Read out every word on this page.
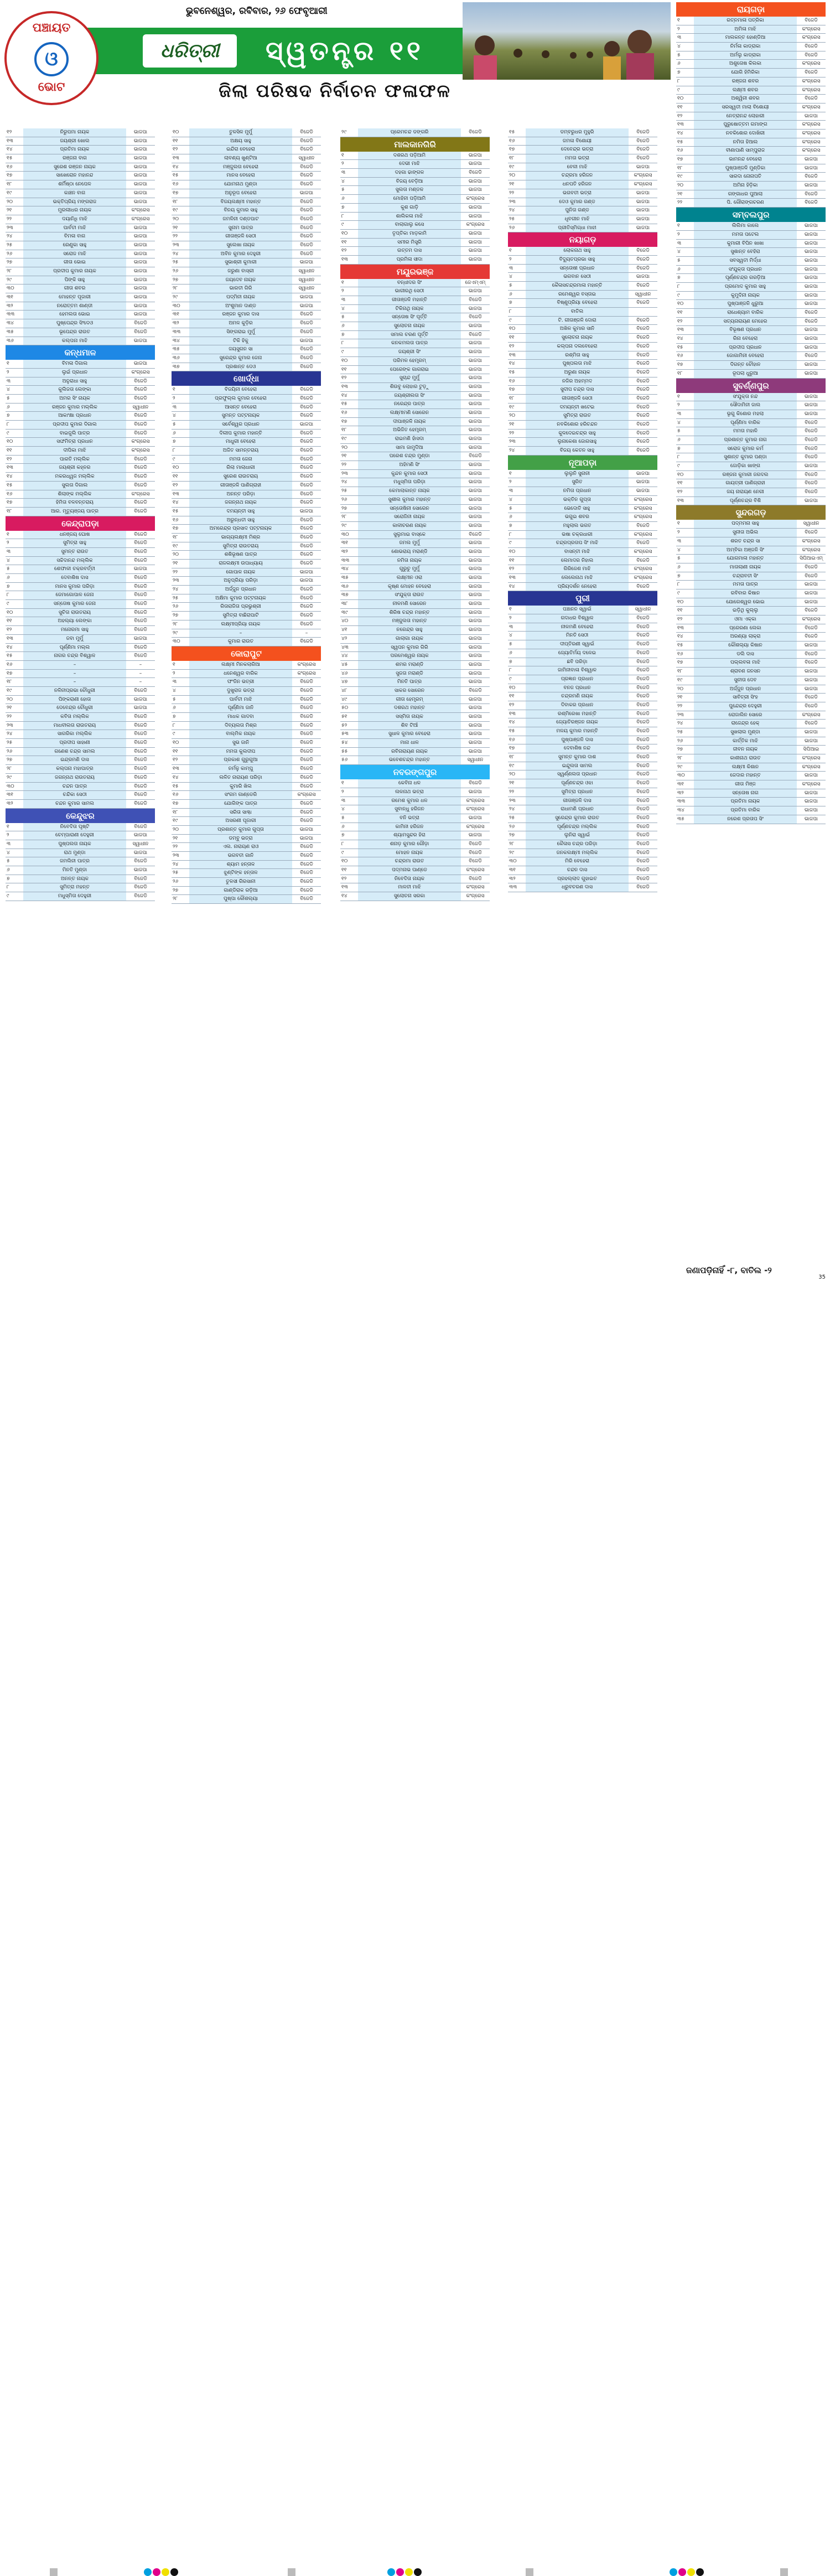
ପଞ୍ଚାୟତ
ଓ
ଭୋଟ
ଭୁବନେଶ୍ୱର, ରବିବାର, ୨୬ ଫେବୃଆରୀ
ଧରିତ୍ରୀ	ସ୍ୱତନ୍ତ୍ର ୧୧
ଜିଲା ପରିଷଦ ନିର୍ବାଚନ ଫଳାଫଳ
୧୨	ନିରୁପମା ନାୟକ	ଭାଜପା
୧୩	ଜୟଶ୍ରୀ ଖୋଲ	ଭାଜପା
୧୪	ପ୍ରତିମା ନାୟକ	ଭାଜପା
୧୫	ରଞ୍ଜନା ବାଗ	ଭାଜପା
୧୬	ସୁରେଶ ରଞ୍ଜନ ନାୟକ	ଭାଜପା
୧୭	ସାଖେରୋନ ମହାନନ୍ଦ	ଭାଜପା
୧୮	ଶର୍ମିଷ୍ଠା ନେପେଳ	ଭାଜପା
୧୯	କାଞ୍ଚନ ବାଗ	ଭାଜପା
୨୦	ଭକ୍ତିପ୍ରିୟ ମଙ୍ଗରାଜ	ଭାଜପା
୨୧	ମୁରଲୀଧର ନାୟକ	କଂଗ୍ରେସ
୨୨	ଦୟାନିଧି ମାଝି	କଂଗ୍ରେସ
୨୩	ପାର୍ବତୀ ମାଝି	ଭାଜପା
୨୪	ବିମଳା ବାଗ	ଭାଜପା
୨୫	ରେଣୁକା ସାହୁ	ଭାଜପା
୨୬	ସରୋଜ ମାଝି	ଭାଜପା
୨୭	ଗୀତା ଭୋଇ	ଭାଜପା
୨୮	ପ୍ରଦୀପ କୁମାର ନାୟକ	ଭାଜପା
୨୯	ପିଙ୍କି ସାହୁ	ଭାଜପା
୩୦	ଗୀତା ଶବର	ଭାଜପା
୩୧	ମୋହନ୍ତ ପୂଜାରୀ	ଭାଜପା
୩୨	ନରୋତ୍ତମ ଶାଣ୍ଡୀ	ଭାଜପା
୩୩	ହେମଲତା ଭୋଇ	ଭାଜପା
୩୪	ପୁଷ୍ପେନ୍ଦ୍ର ସିଂଦେଓ	ବିଜେଡି
୩୫	ଭୂପେନ୍ଦ୍ର ରାଉତ	ବିଜେଡି
୩୬	କଲ୍ପନା ମାଝି	ଭାଜପା
କନ୍ଧମାଳ
୧	ବିମଳା ଦିଗାଲ	ଭାଜପା
୨	ଲୁଇଁ ପ୍ରଧାନ	କଂଗ୍ରେସ
୩	ଅନୁରାଧା ସାହୁ	ବିଜେଡି
୪	କୁଲିଜତା ଲେଙ୍କା	ବିଜେଡି
୫	ଅମର ସିଂ ନାୟକ	ବିଜେଡି
୬	ରଞ୍ଜନ କୁମାର ମଲ୍ଲିକ	ସ୍ୱାଧୀନ
୭	ଆକାଂକ୍ଷା ପ୍ରଧାନ	ବିଜେଡି
୮	ପ୍ରଦୀପ କୁମାର ଦିଗାଲ	ବିଜେଡି
୯	ବାଇଜୁଲି ପାତ୍ର	ବିଜେଡି
୧୦	ସଙ୍ଘମିତ୍ରା ପ୍ରଧାନ	କଂଗ୍ରେସ
୧୧	ଦୀପିକା ମାଝି	କଂଗ୍ରେସ
୧୨	ପାରତି ମଲ୍ଲିକ	ବିଜେଡି
୧୩	ଜୟଶ୍ରୀ କହ୍ନର	ବିଜେଡି
୧୪	ମକରଧ୍ୱଜ ମଲ୍ଲିକ	ବିଜେଡି
୧୫	ସୁଲତା ଦିଗାଲ	ବିଜେଡି
୧୬	ଶିଲାଙ୍କ ମଲ୍ଲିକ	କଂଗ୍ରେସ
୧୭	ହିମିତା ବଳବନ୍ତରାୟ	ବିଜେଡି
୧୮	ଆର. ମୃତ୍ୟୁଞ୍ଜୟ ପାତ୍ର	ବିଜେଡି
କେନ୍ଦ୍ରାପଡ଼ା
୧	ଧନଞ୍ଜୟ ଘୋଷ	ବିଜେଡି
୨	ସୁମିତ୍ରା ସାହୁ	ବିଜେଡି
୩	ସୁମନ୍ତ ରାଉତ	ବିଜେଡି
୪	ସଚ୍ଚିଦାନନ୍ଦ ମଲ୍ଲିକ	ବିଜେଡି
୫	ଶେଫାଳୀ ଚକ୍ରବର୍ତ୍ତୀ	ଭାଜପା
୬	ଦେବାଶିଷ ଦାସ	ବିଜେଡି
୭	ମାନସ କୁମାର ପରିଡ଼ା	ବିଜେଡି
୮	ଜେମାଗୋପାଳ ଜେନା	ବିଜେଡି
୯	ସନ୍ତୋଷ କୁମାର ଜେନା	ବିଜେଡି
୧୦	ସୁଚିତା ରାଉତରାୟ	ବିଜେଡି
୧୧	ଅହଲ୍ୟା ଲେଙ୍କା	ବିଜେଡି
୧୨	ମନୋରମା ସାହୁ	ବିଜେଡି
୧୩	ଜବା ମୁର୍ମୁ	ଭାଜପା
୧୪	ପୂର୍ଣ୍ଣିମା ମଲ୍ଲ	ବିଜେଡି
୧୫	ନାଗର ଚନ୍ଦ୍ର ବିଶ୍ୱାଳ	ବିଜେଡି
୧୬	–	–
୧୭	–	–
୧୮	–	–
୧୯	ନଳିନୀପ୍ରଭା ଚୌଧୁରୀ	ବିଜେଡି
୨୦	ପିଙ୍କରାଣୀ ହୋତା	ଭାଜପା
୨୧	ଦେବେନ୍ଦ୍ର ଚୌଧୁରୀ	ଭାଜପା
୨୨	କବିତା ମଲ୍ଲିକ	ବିଜେଡି
୨୩	ମାଧବୀଲତା ରାଉତରାୟ	ବିଜେଡି
୨୪	ସାଗରିକା ମଲ୍ଲିକ	ବିଜେଡି
୨୫	ପ୍ରଦୀପ ସାହାଣୀ	ବିଜେଡି
୨୬	ଗଣେଶ ଚନ୍ଦ୍ର ସାମଲ	ବିଜେଡି
୨୭	ଇନ୍ଦ୍ରମଣି ଦାସ	ବିଜେଡି
୨୮	କଲ୍ପନା ମହାପାତ୍ର	ବିଜେଡି
୨୯	ଜଗନ୍ନାଥ ରାଉତରାୟ	ବିଜେଡି
୩୦	ଚନ୍ଦନ ପାତ୍ର	ବିଜେଡି
୩୧	ଚନ୍ଦିକା ସେଠୀ	ବିଜେଡି
୩୨	ଚନ୍ଦନ କୁମାର ସାମଲ	ବିଜେଡି
କେନ୍ଦୁଝର
୧	ନିବେଦିତା ପୃଷ୍ଟି	ବିଜେଡି
୨	ଚେମ୍ପାରାଣୀ ଦେହୁରୀ	ଭାଜପା
୩	ପୁଷ୍ପଲତା ନାୟକ	ସ୍ୱାଧୀନ
୪	ରାଥ ମୁଣ୍ଡା	ଭାଜପା
୫	ଜମଲିନୀ ପାତ୍ର	ବିଜେଡି
୬	ମିନତି ମୁଣ୍ଡା	ଭାଜପା
୭	ଅନନ୍ତ ନାୟକ	ବିଜେଡି
୮	ସୁମିତ୍ରା ମହନ୍ତ	ବିଜେଡି
୯	ମଧୁସ୍ମିତା ଦେହୁରୀ	ବିଜେଡି
୧୦	ତୁଳସିଳ ମୁର୍ମୁ	ବିଜେଡି
୧୧	ଅକ୍ଷୟ ସାହୁ	ବିଜେଡି
୧୨	ଇନ୍ଦିରା ବେହେରା	ବିଜେଡି
୧୩	ଲାବଣ୍ୟ ଖୁଣ୍ଟିଆ	ସ୍ୱାଧୀନ
୧୪	ମଞ୍ଜୁଲତା ବେହେରା	ବିଜେଡି
୧୫	ମାନସ ବେହେରା	ବିଜେଡି
୧୬	ଯୋମନାଥ ମୁଣ୍ଡା	ବିଜେଡି
୧୭	ଅନୁରୂପ ବେହେରା	ଭାଜପା
୧୮	ବିଜୟଲକ୍ଷ୍ମୀ ମହାନ୍ତ	ବିଜେଡି
୧୯	ବିନୟ କୁମାର ସାହୁ	ବିଜେଡି
୨୦	ଜମଳିନୀ ଦଣ୍ଡପାଟ	ବିଜେଡି
୨୧	ସୁନାମ ପାତ୍ର	ବିଜେଡି
୨୨	ଗୀତାଞ୍ଜଳି ସେଠୀ	ବିଜେଡି
୨୩	ସୁଲେଖା ନାୟକ	ବିଜେଡି
୨୪	ଅବିନ କୁମାର ଦେହୁରୀ	ବିଜେଡି
୨୫	ସୁଭାଶ୍ରୀ କୁମାରୀ	ଭାଜପା
୨୬	ଜରୁଣା ବାସ୍କୀ	ସ୍ୱାଧୀନ
୨୭	ଜୟଦେବ ନାୟକ	ସ୍ୱାଧୀନ
୨୮	ଭାରତୀ ଗିରି	ସ୍ୱାଧୀନ
୨୯	ପଦ୍ମିନୀ ନାୟକ	ଭାଜପା
୩୦	ଅଂଶୁମାନ ଦାଣ୍ଡ	ଭାଜପା
୩୧	ରଞ୍ଜନ କୁମାର ଦାସ	ବିଜେଡି
୩୨	ଅମଳ କୁଡ଼ିର	ବିଜେଡି
୩୩	ସିଙ୍ଗରାଇ ମୁର୍ମୁ	ବିଜେଡି
୩୪	ଟିକି ହିକୁ	ଭାଜପା
୩୫	ଜୟସୁଗନ ସା	ବିଜେଡି
୩୬	ସୁରେନ୍ଦ୍ର କୁମାର ଜେନା	ବିଜେଡି
୩୭	ପ୍ରଶାନ୍ତ ଦେଓ	ବିଜେଡି
ଖୋର୍ଦ୍ଧା
୧	ବିଜୟିନୀ ବେହେରା	ବିଜେଡି
୨	ପ୍ରଫୁଲ୍ଲ କୁମାର ବେହେରା	ବିଜେଡି
୩	ଆସନ୍ତ ବେହେରା	ବିଜେଡି
୪	ସୁମନ୍ତ ପଟ୍ଟନାୟକ	ବିଜେଡି
୫	ସର୍ବେଶ୍ୱର ପ୍ରଧାନ	ଭାଜପା
୬	ଦିଲୀପ କୁମାର ମହାନ୍ତି	ବିଜେଡି
୭	ମାଧୁରୀ ବେହେରା	ବିଜେଡି
୮	ଅଜିତ ସାମନ୍ତରାୟ	ବିଜେଡି
୯	ମମତା ଜେନା	ବିଜେଡି
୧୦	ରିଲା ମାଲାଧାରୀ	ବିଜେଡି
୧୧	ସୁରେଶ ରାଉତରାୟ	ବିଜେଡି
୧୨	ଗୀତାଞ୍ଜଳି ପାଣିଗ୍ରାହୀ	ବିଜେଡି
୧୩	ଅନନ୍ତ ପରିଡ଼ା	ବିଜେଡି
୧୪	ଜଗନ୍ନାଥ ନାୟକ	ବିଜେଡି
୧୫	ଦମୟନ୍ତୀ ସାହୁ	ଭାଜପା
୧୬	ଅରୁନ୍ଧତୀ ସାହୁ	ବିଜେଡି
୧୭	ଅମରେନ୍ଦ୍ର ପ୍ରସାଦ ପଟ୍ଟନାୟକ	ବିଜେଡି
୧୮	ଭାଗ୍ୟଲକ୍ଷ୍ମୀ ମିଶ୍ର	ବିଜେଡି
୧୯	ସୁମିତ୍ରା ରାଉତରାୟ	ବିଜେଡି
୨୦	ଶଶିଭୂଷଣ ପାତ୍ର	ବିଜେଡି
୨୧	ରାଜଲକ୍ଷ୍ମୀ ଉପାଧ୍ୟାୟ	ବିଜେଡି
୨୨	ଗୋପାଳ ନାୟକ	ଭାଜପା
୨୩	ଅନୁପ୍ରିୟା ପରିଡ଼ା	ଭାଜପା
୨୪	ଅର୍ଜ୍ଜୁନ ପ୍ରଧାନ	ବିଜେଡି
୨୫	ଅକ୍ଷିମା କୁମାର ପଟ୍ଟନାୟକ	ବିଜେଡି
୨୬	ରିତାରାଜିତା ପ୍ରଭୁଶ୍ରୀ	ବିଜେଡି
୨୭	ସୁମିତ୍ରା ବାଛିରାପାଟି	ବିଜେଡି
୨୮	ଲକ୍ଷ୍ମୀପ୍ରିୟା ନାୟକ	ବିଜେଡି
୨୯	–	–
୩୦	କୁମାର ରାଉତ	ବିଜେଡି
କୋରାପୁଟ
୧	ଲକ୍ଷ୍ମୀ ମିନକଲାରିଆ	କଂଗ୍ରେସ
୨	ଧନେଶ୍ୱର ବାରିକ	କଂଗ୍ରେସ
୩	ଫଂଜିନ ଭତ୍ରୀ	ବିଜେଡି
୪	ଦୁଖୁରାଜ ଭତ୍ରା	ବିଜେଡି
୫	ପାର୍ବତୀ ମାଝି	ବିଜେଡି
୬	ପୂର୍ଣ୍ଣିମା ଜାନି	ବିଜେଡି
୭	ମାଧକ ଗାଦବା	ବିଜେଡି
୮	ଦିବ୍ୟଲତା ମିଶ୍ର	ବିଜେଡି
୯	ବାଲ୍ମିକ ନାୟକ	ବିଜେଡି
୧୦	ସୁଭ ଜାନି	ବିଜେଡି
୧୧	ମମତା କୁଲଦୀପ	ବିଜେଡି
୧୨	ପ୍ରକାଶ ଗୁରୁଗୁଆ	ବିଜେଡି
୧୩	ନର୍ମଳୁ କାମ୍ପୁ	ବିଜେଡି
୧୪	ଲଳିତ ନାରାୟଣ ପରିଡ଼ା	ବିଜେଡି
୧୫	କୁମାରି ଖିଲ	ବିଜେଡି
୧୬	ସଂଗମ ଗାଣ୍ଡେରି	କଂଗ୍ରେସ
୧୭	ଯୋଗିଙ୍କ ପାତ୍ର	ବିଜେଡି
୧୮	ସରିତା ସାଗ୍ଦା	ବିଜେଡି
୧୯	ଅସରଣୀ ପୂଜାରୀ	ବିଜେଡି
୨୦	ପ୍ରଶାନ୍ତ କୁମାର ଗୁପ୍ତା	ଭାଜପା
୨୧	ଡମ୍ବୁ ଭତ୍ରା	ଭାଜପା
୨୨	ଏଲ. ନାରାୟଣ ରାଓ	ବିଜେଡି
୨୩	ଭଗବତୀ ଗାନି	ବିଜେଡି
୨୪	ଶ୍ୟାମ ହନ୍ତାଳ	ବିଜେଡି
୨୫	ଝୁଣ୍ଟିଙ୍କ ହନ୍ତାଳ	ବିଜେଡି
୨୬	ତୁଳସୀ ଗିରସାନୀ	ବିଜେଡି
୨୭	ଗାଣ୍ଡିରାକ ରଡ଼ିଆ	ବିଜେଡି
୨୮	ପୁଷ୍ପା କୌଶଲ୍ୟା	ବିଜେଡି
୨୯	ପ୍ରେମଚନ୍ଦ ଡଙ୍ଗରି	ବିଜେଡି
ମାଲକାନଗିରି
୧	ଦଶରଥ ପଡ଼ିଆମି	ଭାଜପା
୨	ଦେଭୀ ମାଝି	ଭାଜପା
୩	ଦହଗା ଢାଙ୍ଗଳ	ବିଜେଡି
୪	ବିଜୟ ବେଡ଼ିଆ	ଭାଜପା
୫	ସୁଲତା ମଣ୍ଡଳ	ଭାଜପା
୬	ମୋହିନୀ ପଡ଼ିଆମି	କଂଗ୍ରେସ
୭	କୁଶ ଗାଡ଼ି	ଭାଜପା
୮	ଶାଲିକଳା ମାଝି	ଭାଜପା
୯	ବାଲାଗାଲୁ କସେ	କଂଗ୍ରେସ
୧୦	ତୃପ୍ତିକା ମାଡ଼କାମି	ଭାଜପା
୧୧	ସମୀର ମିସ୍ତ୍ରି	ଭାଜପା
୧୨	ଉତ୍ତମ ଦାସ	ଭାଜପା
୧୩	ପ୍ରମିଳା ସୀଦା	ଭାଜପା
ମୟୂରଭଞ୍ଜ
୧	ବନ୍ଧୀଦର ସିଂ	ଜେଏମ୍‌ଏମ୍‌
୨	ଭାଗୀରଥି ସେଠୀ	ଭାଜପା
୩	ଗୀତାଞ୍ଜଳି ମହାନ୍ତି	ବିଜେଡି
୪	ଟିକିନାଥି ନାୟକ	ଭାଜପା
୫	ସନ୍ତୋଷ ସିଂ ପୂର୍ତ୍ତି	ବିଜେଡି
୬	ସୁଲୋଚନା ନାୟକ	ଭାଜପା
୭	ସମାଲ ଚରଣ ପୂର୍ତ୍ତି	ବିଜେଡି
୮	କନକମଲତା ପାତ୍ର	ଭାଜପା
୯	ଜୟଶ୍ରୀ ସିଂ	ଭାଜପା
୧୦	ପରିମଳ ହେମ୍ବ୍ରମ୍	ଭାଜପା
୧୧	ପେରେଙ୍କ ଗାଗରାଇ	ଭାଜପା
୧୨	ସୁଚାନ୍ଦ ମୁର୍ମୁ	ଭାଜପା
୧୩	ଶିଉବୁ ଲୋହାର ଟୁଡ଼ୁ	ଭାଜପା
୧୪	ଜୟଶ୍ରୀଲତା ସିଂ	ଭାଜପା
୧୫	ନରେନ୍ଦ୍ର ପାତ୍ର	ଭାଜପା
୧୬	ଲକ୍ଷ୍ମୀମଣି ସୋରେନ	ଭାଜପା
୧୭	ଦୀପାଞ୍ଜଳି ନାୟକ	ଭାଜପା
୧୮	ଅଭିଜିତ ହେମ୍ବ୍ରମ୍	ଭାଜପା
୧୯	ରାଇମଣି ହାଁସଦା	ଭାଜପା
୨୦	ସାମା ଜାମୁଦିଆ	ଭାଜପା
୨୧	ପରେଶ ଚନ୍ଦ୍ର ମୁଣ୍ଡା	ବିଜେଡି
୨୨	ଅହିମଣି ସିଂ	ଭାଜପା
୨୩	କୁନ୍ଦନ କୁମାର ସେଠୀ	ଭାଜପା
୨୪	ମଧୁସ୍ମିତା ପରିଡ଼ା	ଭାଜପା
୨୫	କେମାଲାକାନ୍ତ ନାୟକ	ଭାଜପା
୨୬	ସୁଶୀଲ କୁମାର ମହାନ୍ତ	ଭାଜପା
୨୭	ସନ୍ତୋଷିନୀ ସୋରେନ	ଭାଜପା
୨୮	ସରୋଜିନୀ ନାୟକ	ଭାଜପା
୨୯	କାଳୀଚରଣ ନାୟକ	ଭାଜପା
୩୦	ସୁଲୁମାଇ ବାସ୍କେ	ବିଜେଡି
୩୧	ଜମଲ ମୁର୍ମୁ	ଭାଜପା
୩୨	ଶୋଭରାୟ ମରାଣ୍ଡି	ଭାଜପା
୩୩	ନମିତା ନାୟକ	ଭାଜପା
୩୪	ଗୁରୁଚୁ ମୁର୍ମୁ	ଭାଜପା
୩୫	ଲକ୍ଷ୍ମୀନ ଓରା	ଭାଜପା
୩୬	କୃଷ୍ଣ ମୋହନ ବେହେରା	ଭାଜପା
୩୭	ସଂଯୁକ୍ତା ରାଉତ	ଭାଜପା
୩୮	ନୀଳମଣି ସୋରେନ	ଭାଜପା
୩୯	ଶିରିଷ ଚନ୍ଦ୍ର ମହାନ୍ତ	ଭାଜପା
୪୦	ମଞ୍ଜୁଲତା ମହାନ୍ତ	ଭାଜପା
୪୧	ନରେନ୍ଦ୍ର ସାହୁ	ଭାଜପା
୪୨	ଗାଲାଗା ନାୟକ	ଭାଜପା
୪୩	ସ୍ୱପନ କୁମାର ଗିରି	ଭାଜପା
୪୪	ପରମେଶ୍ୱର ନାୟକ	ଭାଜପା
୪୫	ଶମର ମରାଣ୍ଡି	ଭାଜପା
୪୬	ସୁଜତା ମରାଣ୍ଡି	ଭାଜପା
୪୭	ମିନତି ପାତ୍ର	ଭାଜପା
୪୮	ସାକର ସୋରେନ	ବିଜେଡି
୪୯	ଗୀତା ହେମ୍ବ୍ରମ୍	ଭାଜପା
୫୦	ଦଶରଥ ମହାନ୍ତ	ଭାଜପା
୫୧	ସସ୍ମିତା ନାୟକ	ଭାଜପା
୫୨	ଶିବ ଟିଆଁ	ଭାଜପା
୫୩	ସୁଧାଳ କୁମାର ବେହେରା	ଭାଜପା
୫୪	ମାନା ଧାଳ	ଭାଜପା
୫୫	ରବିନାରାୟଣ ନାୟକ	ଭାଜପା
୫୬	ଭବେଶଚନ୍ଦ୍ର ମହାନ୍ତ	ସ୍ୱାଧୀନ
ନବରଙ୍ଗପୁର
୧	କେବିନା ଧଳ	ବିଜେଡି
୨	ଲଳନାଥ ଭତ୍ରା	ଭାଜପା
୩	ରମେଶ କୁମାର ଧଳ	କଂଗ୍ରେସ
୪	ସୁବାନ୍ଧୁ ହରିଜନ	କଂଗ୍ରେସ
୫	ବନି ଭତ୍ରା	ଭାଜପା
୬	କାମିନୀ ହରିଜନ	କଂଗ୍ରେସ
୭	ଶ୍ୟାମସୁନ୍ଦର ହିରା	ଭାଜପା
୮	ଶନାଡ଼ କୁମାର ଗୌଡ଼ା	ବିଜେଡି
୯	ମୋହନ ନାୟକ	ବିଜେଡି
୧୦	ଚନ୍ଦ୍ରମା ରାଉତ	ବିଜେଡି
୧୧	ପଦ୍ମନାଭ ପାଣ୍ଡେ	କଂଗ୍ରେସ
୧୨	ନିବେଦିତା ନାୟକ	ବିଜେଡି
୧୩	ମାଳତୀ ମାଝି	କଂଗ୍ରେସ
୧୪	ସୁଲୋଚନା ସରକା	କଂଗ୍ରେସ
୧୫	ଡମ୍ବରୁଧର ମୁହୁରି	ବିଜେଡି
୧୬	ଜମଳା ବିଶୋୟୀ	ବିଜେଡି
୧୭	ଦେବେନ୍ଦ୍ର ଭତ୍ରା	ବିଜେଡି
୧୮	ମମତା ଭତ୍ରା	ବିଜେଡି
୧୯	ବେଳୀ ମାଝି	ଭାଜପା
୨୦	ଚନ୍ଦ୍ରମା ହରିଜନ	କଂଗ୍ରେସ
୨୧	ଧନପତି ହରିଜନ	କଂଗ୍ରେସ
୨୨	ଭଗବତୀ ଭତ୍ରା	ଭାଜପା
୨୩	ଦେଓ କୁମାର ଗଣ୍ଡ	ଭାଜପା
୨୪	ପୁନିତା ଗଣ୍ଡ	ଭାଜପା
୨୫	ଧୃବଗୀନ ମାଝି	ଭାଜପା
୨୬	ପ୍ରୀତିସ୍ମିଗ୍ଧା ମାଝୀ	ଭାଜପା
ନୟାଗଡ଼
୧	ଲୋକନାଥ ସାହୁ	ବିଜେଡି
୨	ବିଦ୍ୟୁତପ୍ରଭା ସାହୁ	ବିଜେଡି
୩	ସନ୍ତୋଷୀ ପ୍ରଧାନ	ବିଜେଡି
୪	ଭଗବାନ ସେଠୀ	ଭାଜପା
୫	କୈଳାସଚନ୍ଦ୍ରମାଳା ମହାନ୍ତି	ବିଜେଡି
୬	ରମେଶ୍ୱର ବସ୍ତାଇ	ସ୍ୱାଧୀନ
୭	ବିଷ୍ଣୁପ୍ରିୟା ବେହେରା	ବିଜେଡି
୮	ବାତିଲ
୯	ଟି. ଗୀତାଞ୍ଜଳି ଦୋରା	ବିଜେଡି
୧୦	ଅଖିଳ କୁମାର ସାନି	ବିଜେଡି
୧୧	ସୁଲୋଚନା ନାୟକ	ବିଜେଡି
୧୨	କଲ୍ପନା ଦଲବେହେରା	ବିଜେଡି
୧୩	ରଶ୍ମିତା ସାହୁ	ବିଜେଡି
୧୪	ପୁଷ୍ପଲତା ମାଝି	ବିଜେଡି
୧୫	ଅରୁଣା ନାୟକ	ବିଜେଡି
୧୬	ନଜିର ଅହମ୍ମଦ	ବିଜେଡି
୧୭	ସୁଦୀପ ଚନ୍ଦ୍ର ଦାସ	ବିଜେଡି
୧୮	ଗୀତାଞ୍ଜଳି ସେଠୀ	ବିଜେଡି
୧୯	ଦମୟନ୍ତୀ ଖଟେଇ	ବିଜେଡି
୨୦	ସୁମିତ୍ରା ରାଉତ	ବିଜେଡି
୨୧	ନବକିଶୋର ହରିଚନ୍ଦନ	ବିଜେଡି
୨୨	କୁଳଦେଇଚନ୍ଦ୍ର ସାହୁ	ବିଜେଡି
୨୩	ଲୁନାକେଶା ଜୋଗସାହୁ	ବିଜେଡି
୨୪	ବିଜୟ କେତନ ସାହୁ	ବିଜେଡି
ନୂଆପଡ଼ା
୧	ଲୁଲୁନି ସୁନାନୀ	ଭାଜପା
୨	ସୁରିତ	ଭାଜପା
୩	ନମିତା ପ୍ରଧାନ	ଭାଜପା
୪	ଭକ୍ତିନ ଗୁପ୍ତା	କଂଗ୍ରେସ
୫	ଭେଦୋତି ସାହୁ	କଂଗ୍ରେସ
୬	ଭଗୁଇ ଶବର	କଂଗ୍ରେସ
୭	ମହୁଲାଲ ଭଗତ	ବିଜେଡି
୮	ଭଷା ଚକ୍ରଧାରୀ	କଂଗ୍ରେସ
୯	ଚନ୍ଦ୍ରପ୍ରତାପ ସିଂ ମାଝି	ବିଜେଡି
୧୦	ବାସନ୍ତୀ ମାଝି	କଂଗ୍ରେସ
୧୧	ଲେମାଦର ନିହାଲ	ବିଜେଡି
୧୨	ଗିରିଜେଶ ମାଝି	କଂଗ୍ରେସ
୧୩	ଲେଲେନାଥ ମାଝି	କଂଗ୍ରେସ
୧୪	ପ୍ରିୟଦର୍ଶନ ନେହେରା	ବିଜେଡି
ପୁରୀ
୧	ପଞ୍ଚାନନ ସ୍ୱାଇଁ	ସ୍ୱାଧୀନ
୨	ଗଦାଧର ବିଶ୍ୱାଳ	ବିଜେଡି
୩	ନୀଳମଣି ବେହେରା	ବିଜେଡି
୪	ମିନତି ସେଠୀ	ବିଜେଡି
୫	ଦୀପ୍ତିରଣୀ ସ୍ୱାଇଁ	ବିଜେଡି
୬	ଜ୍ୟୋତିର୍ମୟ ଦଳେଇ	ବିଜେଡି
୭	ଛବି ପରିଡ଼ା	ବିଜେଡି
୮	ଜାମିନୀବାଳା ବିଶ୍ୱାଳ	ବିଜେଡି
୯	ପ୍ରଜ୍ଞାନ ପ୍ରଧାନ	ବିଜେଡି
୧୦	ବନଜ ପ୍ରଧାନ	ବିଜେଡି
୧୧	ଚନ୍ଦ୍ରମଣି ନାୟକ	ବିଜେଡି
୧୨	ଦିବାକର ପ୍ରଧାନ	ବିଜେଡି
୧୩	ରଶ୍ମିରେଖା ମହାନ୍ତି	ବିଜେଡି
୧୪	ଜ୍ୟୋତିରଞ୍ଜନ ନାୟକ	ବିଜେଡି
୧୫	ମଳୟ କୁମାର ମହାନ୍ତି	ବିଜେଡି
୧୬	ପୁଷ୍ପାଞ୍ଜଳି ଦାସ	ବିଜେଡି
୧୭	ଦେବାଶିଷ ନନ୍ଦ	ବିଜେଡି
୧୮	ସୁମନ୍ତ କୁମାର ଦାଶ	ବିଜେଡି
୧୯	ଇନ୍ଦୁଲତା ସାମଲ	ବିଜେଡି
୨୦	ସ୍ୱର୍ଣ୍ଣଲତା ପ୍ରଧାନ	ବିଜେଡି
୨୧	ପୂର୍ଣ୍ଣଚନ୍ଦ୍ର ଓଝା	ବିଜେଡି
୨୨	ସୁମିତ୍ରା ପ୍ରଧାନ	ବିଜେଡି
୨୩	ଗୀତାଞ୍ଜଳି ଦାସ	ବିଜେଡି
୨୪	ରାଧାମଣି ପ୍ରଧାନ	ବିଜେଡି
୨୫	ସୁରେନ୍ଦ୍ର କୁମାର ରାଉତ	ବିଜେଡି
୨୬	ପୂର୍ଣ୍ଣଚନ୍ଦ୍ର ମଲ୍ଲିକ	ବିଜେଡି
୨୭	ଲୁନିରା ସ୍ୱାଇଁ	ବିଜେଡି
୨୮	କୈଳାସ ଚନ୍ଦ୍ର ପରିଡ଼ା	ବିଜେଡି
୨୯	ଜନକଲକ୍ଷ୍ମୀ ମଲ୍ଲିକ	ବିଜେଡି
୩୦	ମିରି ବେହେରା	ବିଜେଡି
୩୧	ଚନ୍ଦନ ଦାସ	ବିଜେଡି
୩୨	ପ୍ରହଲ୍ଲାଦ ଗୁହାଇତ	ବିଜେଡି
୩୩	ଧ୍ରୁବଚରଣ ଦାସ	ବିଜେଡି
ରାୟଗଡ଼ା
୧	ରତ୍ନମାଳା ପତ୍ରିକା	ବିଜେଡି
୨	ଅମିଳା ମାଝି	କଂଗ୍ରେସ
୩	ମାଲକନ୍ତ ହୋଣ୍ଡିଆ	କଂଗ୍ରେସ
୪	ନିର୍ମଳା କାଡ୍ରାକା	ବିଜେଡି
୫	ଅର୍ମଲୁ କାଡ୍ରାକା	ବିଜେଡି
୬	ଅଶୁତୋଷ କିଲକା	କଂଗ୍ରେସ
୭	ଯୋଗି ହିମିରିକା	ବିଜେଡି
୮	ରଞ୍ଜନା ଶବର	କଂଗ୍ରେସ
୯	ଲକ୍ଷ୍ମୀ ଶବର	କଂଗ୍ରେସ
୧୦	ଅଶ୍ୱିନୀ ଶବର	ବିଜେଡି
୧୧	ସରସ୍ୱତୀ ମାଲା ବିଶୋୟୀ	କଂଗ୍ରେସ
୧୨	ନେତ୍ରାନନ୍ଦ ଲୋହାରୀ	ଭାଜପା
୧୩	ପୁରୁଷୋତ୍ତମ ଗମାଙ୍ଗ	କଂଗ୍ରେସ
୧୪	ନବକିଶୋର ଦୋଖିରୀ	କଂଗ୍ରେସ
୧୫	ନମିତା ହିଆଲ	କଂଗ୍ରେସ
୧୬	ବୀଣାପାଣି ସାମ୍ପୁରାଜ	କଂଗ୍ରେସ
୧୭	ଭାମନନ୍ଦ ବେହେରା	ଭାଜପା
୧୮	ପୁଷ୍ପାଞ୍ଜଳି ମୁଣ୍ଡିକା	ଭାଜପା
୧୯	ସାରଦା ନୋନାପତି	ବିଜେଡି
୨୦	ଅମିନା ହିଡ଼ିକା	ଭାଜପା
୨୧	ଗଙ୍ଗାଧର ପୁଆଲା	ବିଜେଡି
୨୨	ପି. ଗୌରାଙ୍ଗଚରଣ	ବିଜେଡି
ସମ୍ବଲପୁର
୧	ଲିଲିମା କାଲେ	ଭାଜପା
୨	ମମତା ପଟେଲ	ଭାଜପା
୩	କୁମାରୀ ବିପିନ ଖାଖା	ଭାଜପା
୪	ସୁଶାନ୍ତ ବେହିରା	ଭାଜପା
୫	ସବସ୍ୱତୀ ମିର୍ଦ୍ଧା	ଭାଜପା
୬	ସଂଯୁକ୍ତା ପ୍ରଧାନ	ଭାଜପା
୭	ପୂର୍ଣ୍ଣଚନ୍ଦ୍ର ଗରଡ଼ିଆ	ଭାଜପା
୮	ପ୍ରମୋଦ କୁମାର ସାହୁ	ଭାଜପା
୯	କୁମୁଦିନୀ ନାୟକ	ଭାଜପା
୧୦	ପୁଷ୍ପାଞ୍ଜଳି ଧୁରୁଆ	ଭାଜପା
୧୧	ରାଧେଶ୍ୟାମ ବାରିକ	ବିଜେଡି
୧୨	ସତ୍ୟନାରାୟଣ ମେହେର	ବିଜେଡି
୧୩	ବିଭୂଷଣ ପ୍ରଧାନ	ଭାଜପା
୧୪	ରିନା ବେହେରା	ଭାଜପା
୧୫	ପ୍ରଦୀପ ପ୍ରଧାନ	ଭାଜପା
୧୬	ଜୋଗାମିନୀ ବେହେରା	ବିଜେଡି
୧୭	ଦିଗନ୍ତ ଚୌହାନ	ଭାଜପା
୧୮	ରୂପଲା ଧୁରୁଆ	ଭାଜପା
ସୁବର୍ଣ୍ଣପୁର
୧	ସଂଯୁକ୍ତା ନନ୍ଦ	ଭାଜପା
୨	ସୌଦାମିନୀ ଜାଲ	ଭାଜପା
୩	ଭୃଗୁ କିଶୋର ମହଲା	ଭାଜପା
୪	ପୂର୍ଣ୍ଣିମା ବାରିକ	ବିଜେଡି
୫	ମମତା ମହାଳି	ବିଜେଡି
୬	ପ୍ରଶାନ୍ତ କୁମାର ନାଗ	ବିଜେଡି
୭	ସରୋଜ କୁମାର କର୍ମ	ବିଜେଡି
୮	ସୁଶାନ୍ତ କୁମାର ପଣ୍ଡା	ବିଜେଡି
୯	ଜୋଡ଼ିକା ଖାଙ୍ଗ	ଭାଜପା
୧୦	ରଞ୍ଜନା କୁମାରୀ ଜଗଦଲ	ବିଜେଡି
୧୧	ଗାୟତ୍ରୀ ପାଣିଗ୍ରାହୀ	ବିଜେଡି
୧୨	ଜୟ ନାରାୟଣ ନେଗୀ	ବିଜେଡି
୧୩	ପୂର୍ଣ୍ଣଚନ୍ଦ୍ର ବିଶି	ଭାଜପା
ସୁନ୍ଦରଗଡ଼
୧	ପଦ୍ମମନା ସାହୁ	ସ୍ୱାଧୀନ
୨	ସୁନୀତା ଅଭିଲ	ବିଜେଡି
୩	ଶରତ ଚନ୍ଦ୍ର ସା	କଂଗ୍ରେସ
୪	ଅମ୍ବିକା ଅଞ୍ଜଳି ସିଂ	କଂଗ୍ରେସ
୫	ଯୋଗମାଳା ମହାନ୍ତ	ସିପିଆଇଏମ୍
୬	ମାତାଲାଣୀ ନାୟକ	ବିଜେଡି
୭	ଚନ୍ଦ୍ରାବତୀ ସିଂ	ବିଜେଡି
୮	ମମତା ପାତ୍ର	ଭାଜପା
୯	ରବିବାର କିଷାନ	ଭାଜପା
୧୦	ଯୋଗେଶ୍ୱର ଭୋଇ	ଭାଜପା
୧୧	ଇଡ଼ିଥି କୁଲ୍ଲୁ	ବିଜେଡି
୧୨	ଓମା ଏକ୍କା	କଂଗ୍ରେସ
୧୩	ପ୍ରେରଣା ଲେକା	ବିଜେଡି
୧୪	ଅରଣ୍ୟା ଲାକ୍ରା	ବିଜେଡି
୧୫	କୌଶଲ୍ୟା କିଷାନ	ଭାଜପା
୧୬	ଡଲି ଦାସ	ବିଜେଡି
୧୭	ପଲ୍ଲବଳା ମାଝି	ବିଜେଡି
୧୮	ଶ୍ରାବଣ ଜନସନ	ଭାଜପା
୧୯	ସୁନୀତା ଦେବ	ଭାଜପା
୨୦	ଅର୍ଜ୍ଜୁନ ପ୍ରଧାନ	ଭାଜପା
୨୧	ସାବିତ୍ରୀ ସିଂହ	ବିଜେଡି
୨୨	ପୁନ୍ଦେନ୍ଦ୍ର ଦେହୁରୀ	ବିଜେଡି
୨୩	ରୋଜାଲିନ ସୋରେ	କଂଗ୍ରେସ
୨୪	ରାଜେନ୍ଦ୍ର ହେକ୍	ବିଜେଡି
୨୫	ସୁଖଲାଲ ମୁଣ୍ଡା	ଭାଜପା
୨୬	କାର୍ତ୍ତିକ ମାଝି	ଭାଜପା
୨୭	ଜୀବନ ନାୟକ	ସିପିଆଇ
୨୮	କାଶୀନାଥ ରାଉତ	କଂଗ୍ରେସ
୨୯	ଲକ୍ଷ୍ମୀ କିଶାନ	କଂଗ୍ରେସ
୩୦	ଜେଦାର ମହାନ୍ତ	ଭାଜପା
୩୧	ଗୀତା ମିଞ୍ଜ	କଂଗ୍ରେସ
୩୨	ସନ୍ତୋଷ ନାଗ	ଭାଜପା
୩୩	ପ୍ରତିମା ନାୟକ	ଭାଜପା
୩୪	ପ୍ରତିମା ବାରିକ	ଭାଜପା
୩୫	ନରେଶ ପ୍ରତାପ ସିଂ	ଭାଜପା
ଜଣାପଡ଼ିନାହିଁ -୮, ବାତିଲ -୨
35
